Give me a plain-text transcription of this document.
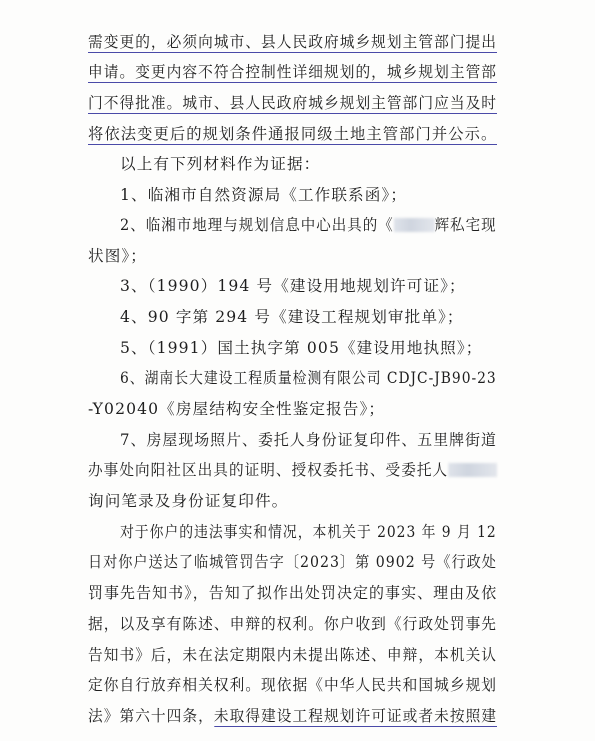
需变更的，必须向城市、县人民政府城乡规划主管部门提出
申请。变更内容不符合控制性详细规划的，城乡规划主管部
门不得批准。城市、县人民政府城乡规划主管部门应当及时
将依法变更后的规划条件通报同级土地主管部门并公示。
以上有下列材料作为证据：
1、临湘市自然资源局《工作联系函》；
2、临湘市地理与规划信息中心出具的《	辉私宅现
状图》；
3、（1990）194 号《建设用地规划许可证》；
4、90 字第 294 号《建设工程规划审批单》；
5、（1991）国土执字第 005《建设用地执照》；
6、湖南长大建设工程质量检测有限公司 CDJC-JB90-23
-Y02040《房屋结构安全性鉴定报告》；
7、房屋现场照片、委托人身份证复印件、五里牌街道
办事处向阳社区出具的证明、授权委托书、受委托人
询问笔录及身份证复印件。
对于你户的违法事实和情况，本机关于 2023 年 9 月 12
日对你户送达了临城管罚告字〔2023〕第 0902 号《行政处
罚事先告知书》，告知了拟作出处罚决定的事实、理由及依
据，以及享有陈述、申辩的权利。你户收到《行政处罚事先
告知书》后，未在法定期限内未提出陈述、申辩，本机关认
定你自行放弃相关权利。现依据《中华人民共和国城乡规划
法》第六十四条，未取得建设工程规划许可证或者未按照建
